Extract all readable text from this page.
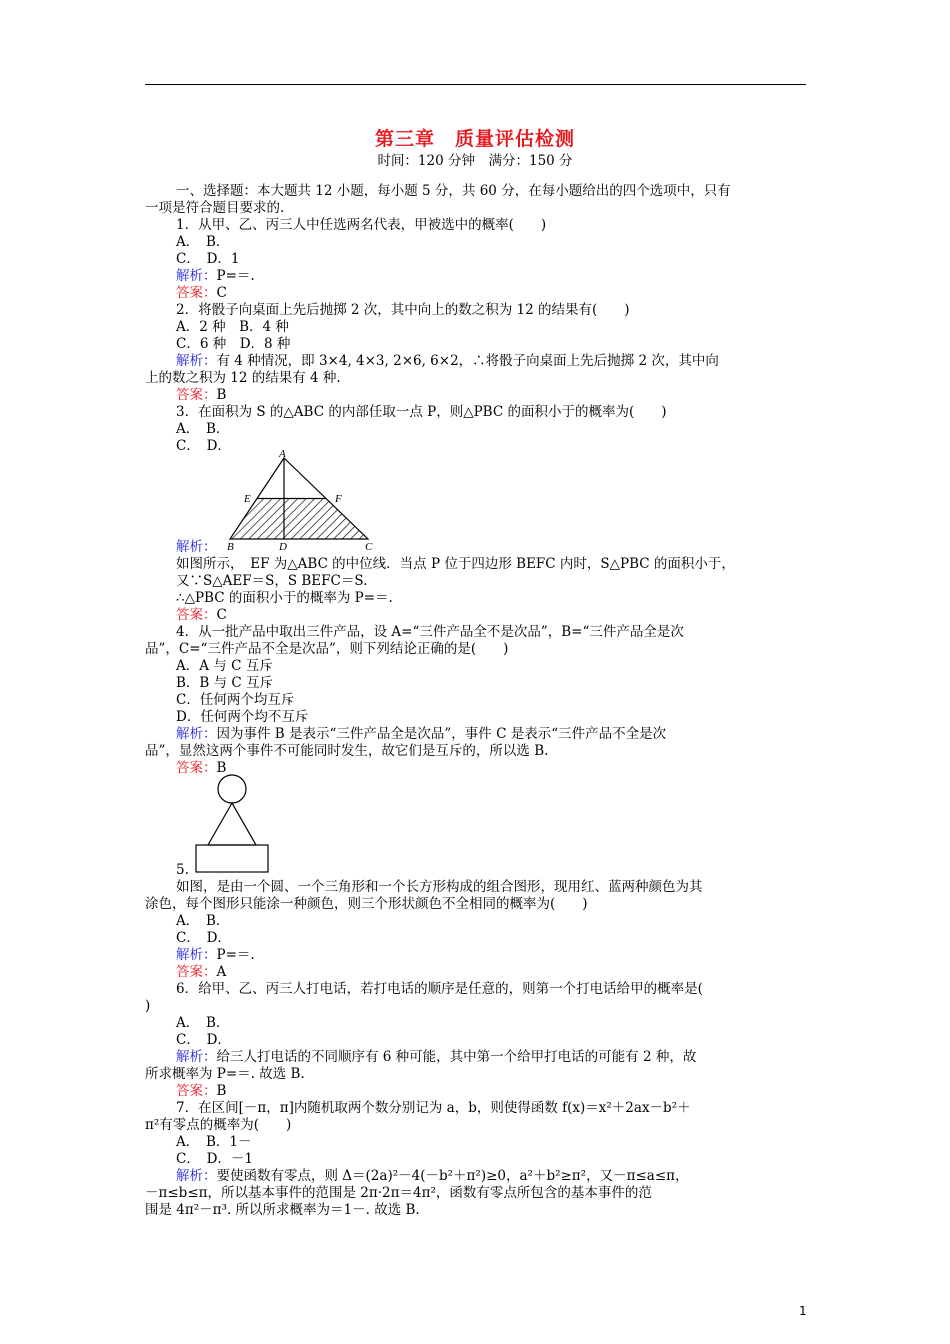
第三章　质量评估检测
时间：120 分钟　满分：150 分
一、选择题：本大题共 12 小题，每小题 5 分，共 60 分，在每小题给出的四个选项中，只有
一项是符合题目要求的.
1．从甲、乙、丙三人中任选两名代表，甲被选中的概率(　　)
A．　B．
C．　D．1
解析：P=＝.
答案：C
2．将骰子向桌面上先后抛掷 2 次，其中向上的数之积为 12 的结果有(　　)
A．2 种　B．4 种
C．6 种　D．8 种
解析：有 4 种情况，即 3×4, 4×3, 2×6, 6×2，∴将骰子向桌面上先后抛掷 2 次，其中向
上的数之积为 12 的结果有 4 种.
答案：B
3．在面积为 S 的△ABC 的内部任取一点 P，则△PBC 的面积小于的概率为(　　)
A．　B．
C．　D．
解析：
如图所示，　EF 为△ABC 的中位线．当点 P 位于四边形 BEFC 内时，S△PBC 的面积小于，
又∵S△AEF＝S，S BEFC＝S.
∴△PBC 的面积小于的概率为 P=＝.
答案：C
4．从一批产品中取出三件产品，设 A=“三件产品全不是次品”，B=“三件产品全是次
品”，C=“三件产品不全是次品”，则下列结论正确的是(　　)
A．A 与 C 互斥
B．B 与 C 互斥
C．任何两个均互斥
D．任何两个均不互斥
解析：因为事件 B 是表示“三件产品全是次品”，事件 C 是表示“三件产品不全是次
品”，显然这两个事件不可能同时发生，故它们是互斥的，所以选 B.
答案：B
5.
如图，是由一个圆、一个三角形和一个长方形构成的组合图形，现用红、蓝两种颜色为其
涂色，每个图形只能涂一种颜色，则三个形状颜色不全相同的概率为(　　)
A．　B．
C．　D．
解析：P=＝.
答案：A
6．给甲、乙、丙三人打电话，若打电话的顺序是任意的，则第一个打电话给甲的概率是(
)
A．　B．
C．　D．
解析：给三人打电话的不同顺序有 6 种可能，其中第一个给甲打电话的可能有 2 种，故
所求概率为 P=＝. 故选 B.
答案：B
7．在区间[－π，π]内随机取两个数分别记为 a，b，则使得函数 f(x)＝x²＋2ax－b²＋
π²有零点的概率为(　　)
A．　B．1－
C．　D．－1
解析：要使函数有零点，则 Δ＝(2a)²－4(－b²＋π²)≥0，a²＋b²≥π²，又－π≤a≤π，
－π≤b≤π，所以基本事件的范围是 2π·2π＝4π²，函数有零点所包含的基本事件的范
围是 4π²－π³. 所以所求概率为＝1－. 故选 B.
A
E	F
B	D	C
1
